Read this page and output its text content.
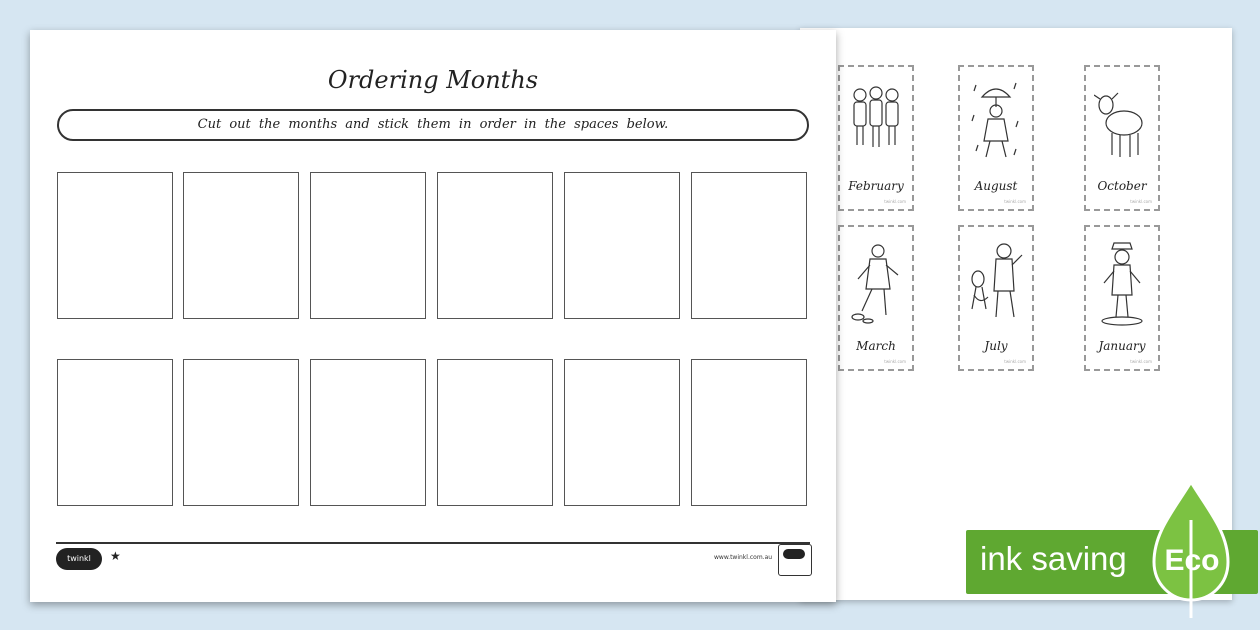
February
twinkl.com
August
twinkl.com
October
twinkl.com
March
twinkl.com
July
twinkl.com
January
twinkl.com
Ordering Months
Cut out the months and stick them in order in the spaces below.
twinkl	★	www.twinkl.com.au	ink saving	Eco
